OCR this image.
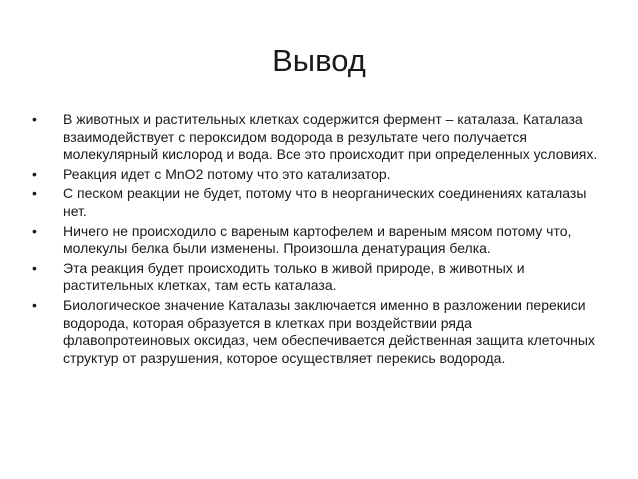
Вывод
• В животных и растительных клетках содержится фермент – каталаза. Каталаза взаимодействует с пероксидом водорода в результате чего получается молекулярный кислород и вода. Все это происходит при определенных условиях.
• Реакция идет с MnO2 потому что это катализатор.
• С песком реакции не будет, потому что в неорганических соединениях каталазы нет.
• Ничего не происходило с вареным картофелем и вареным мясом потому что, молекулы белка были изменены. Произошла денатурация белка.
• Эта реакция будет происходить только в живой природе, в животных и растительных клетках, там есть каталаза.
• Биологическое значение Каталазы заключается именно в разложении перекиси водорода, которая образуется в клетках при воздействии ряда флавопротеиновых оксидаз, чем обеспечивается действенная защита клеточных структур от разрушения, которое осуществляет перекись водорода.
